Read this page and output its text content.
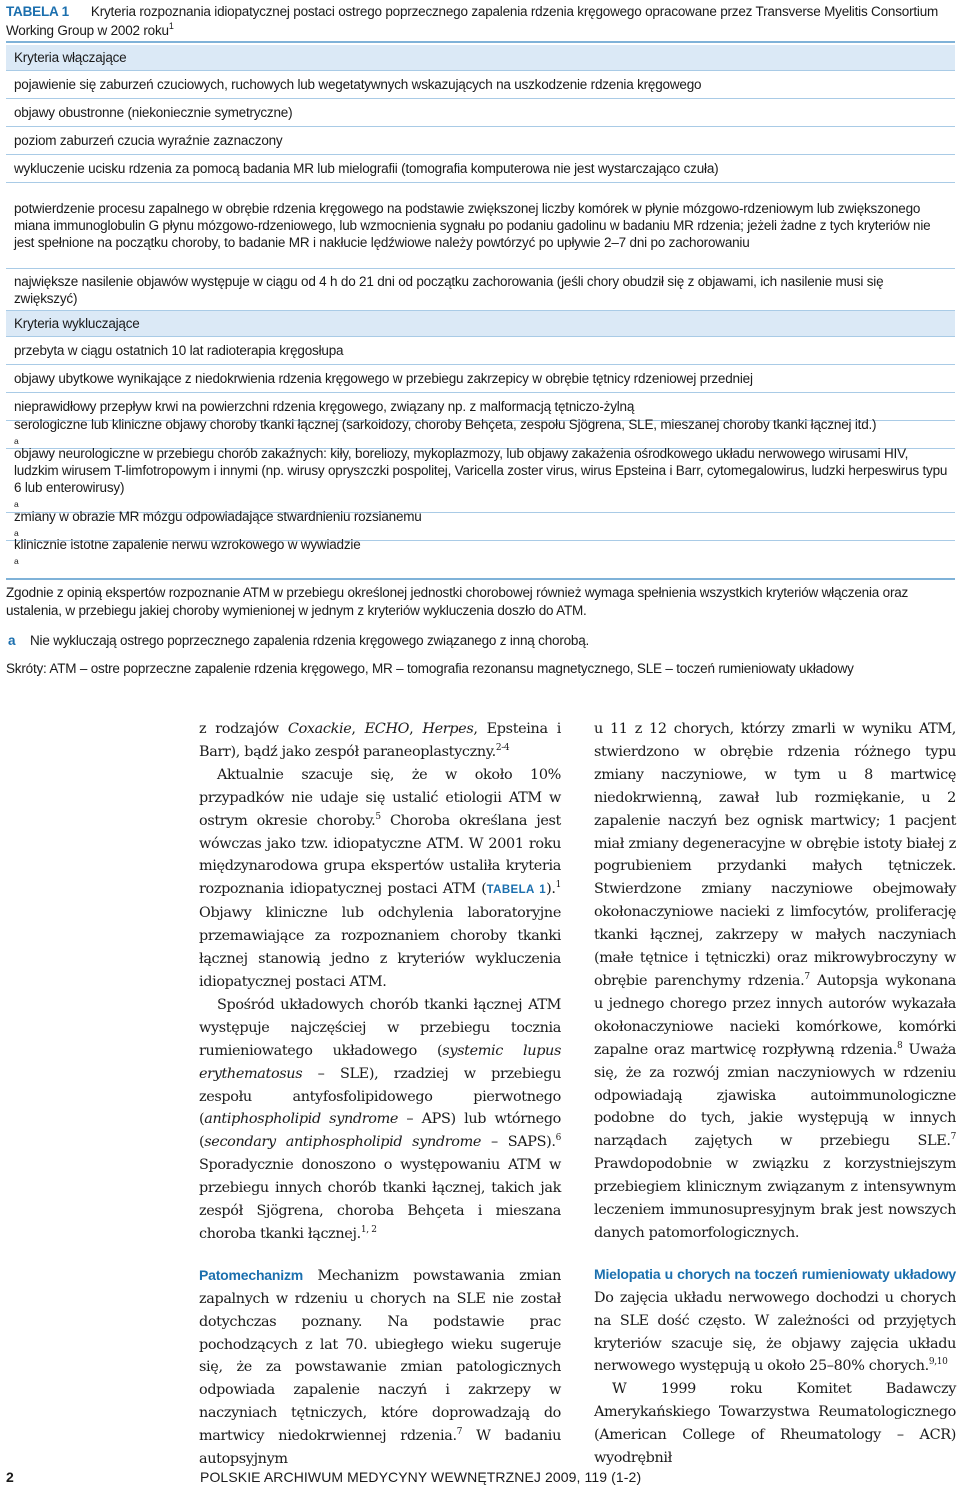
TABELA 1 Kryteria rozpoznania idiopatycznej postaci ostrego poprzecznego zapalenia rdzenia kręgowego opracowane przez Transverse Myelitis Consortium Working Group w 2002 roku$^1$
Kryteria włączające
pojawienie się zaburzeń czuciowych, ruchowych lub wegetatywnych wskazujących na uszkodzenie rdzenia kręgowego
objawy obustronne (niekoniecznie symetryczne)
poziom zaburzeń czucia wyraźnie zaznaczony
wykluczenie ucisku rdzenia za pomocą badania MR lub mielografii (tomografia komputerowa nie jest wystarczająco czuła)
potwierdzenie procesu zapalnego w obrębie rdzenia kręgowego na podstawie zwiększonej liczby komórek w płynie mózgowo-rdzeniowym lub zwiększonego miana immunoglobulin G płynu mózgowo-rdzeniowego, lub wzmocnienia sygnału po podaniu gadolinu w badaniu MR rdzenia; jeżeli żadne z tych kryteriów nie jest spełnione na początku choroby, to badanie MR i nakłucie lędźwiowe należy powtórzyć po upływie 2–7 dni po zachorowaniu
największe nasilenie objawów występuje w ciągu od 4 h do 21 dni od początku zachorowania (jeśli chory obudził się z objawami, ich nasilenie musi się zwiększyć)
Kryteria wykluczające
przebyta w ciągu ostatnich 10 lat radioterapia kręgosłupa
objawy ubytkowe wynikające z niedokrwienia rdzenia kręgowego w przebiegu zakrzepicy w obrębie tętnicy rdzeniowej przedniej
nieprawidłowy przepływ krwi na powierzchni rdzenia kręgowego, związany np. z malformacją tętniczo-żylną
serologiczne lub kliniczne objawy choroby tkanki łącznej (sarkoidozy, choroby Behçeta, zespołu Sjögrena, SLE, mieszanej choroby tkanki łącznej itd.)
$^a$
objawy neurologiczne w przebiegu chorób zakaźnych: kiły, boreliozy, mykoplazmozy, lub objawy zakażenia ośrodkowego układu nerwowego wirusami HIV, ludzkim wirusem T-limfotropowym i innymi (np. wirusy opryszczki pospolitej, Varicella zoster virus, wirus Epsteina i Barr, cytomegalowirus, ludzki herpeswirus typu 6 lub enterowirusy)
$^a$
zmiany w obrazie MR mózgu odpowiadające stwardnieniu rozsianemu
$^a$
klinicznie istotne zapalenie nerwu wzrokowego w wywiadzie
$^a$

Zgodnie z opinią ekspertów rozpoznanie ATM w przebiegu określonej jednostki chorobowej również wymaga spełnienia wszystkich kryteriów włączenia oraz ustalenia, w przebiegu jakiej choroby wymienionej w jednym z kryteriów wykluczenia doszło do ATM.

a Nie wykluczają ostrego poprzecznego zapalenia rdzenia kręgowego związanego z inną chorobą.

Skróty: ATM – ostre poprzeczne zapalenie rdzenia kręgowego, MR – tomografia rezonansu magnetycznego, SLE – toczeń rumieniowaty układowy

z rodzajów Coxackie, ECHO, Herpes, Epsteina i Barr), bądź jako zespół paraneoplastyczny.$^{2-4}$

Aktualnie szacuje się, że w około 10% przypadków nie udaje się ustalić etiologii ATM w ostrym okresie choroby.$^5$ Choroba określana jest wówczas jako tzw. idiopatyczne ATM. W 2001 roku międzynarodowa grupa ekspertów ustaliła kryteria rozpoznania idiopatycznej postaci ATM (TABELA 1).$^1$ Objawy kliniczne lub odchylenia laboratoryjne przemawiające za rozpoznaniem choroby tkanki łącznej stanowią jedno z kryteriów wykluczenia idiopatycznej postaci ATM.

Spośród układowych chorób tkanki łącznej ATM występuje najczęściej w przebiegu tocznia rumieniowatego układowego (systemic lupus erythematosus – SLE), rzadziej w przebiegu zespołu antyfosfolipidowego pierwotnego (antiphospholipid syndrome – APS) lub wtórnego (secondary antiphospholipid syndrome – SAPS).$^6$ Sporadycznie donoszono o występowaniu ATM w przebiegu innych chorób tkanki łącznej, takich jak zespół Sjögrena, choroba Behçeta i mieszana choroba tkanki łącznej.$^{1, 2}$

Patomechanizm Mechanizm powstawania zmian zapalnych w rdzeniu u chorych na SLE nie został dotychczas poznany. Na podstawie prac pochodzących z lat 70. ubiegłego wieku sugeruje się, że za powstawanie zmian patologicznych odpowiada zapalenie naczyń i zakrzepy w naczyniach tętniczych, które doprowadzają do martwicy niedokrwiennej rdzenia.$^7$ W badaniu autopsyjnym

u 11 z 12 chorych, którzy zmarli w wyniku ATM, stwierdzono w obrębie rdzenia różnego typu zmiany naczyniowe, w tym u 8 martwicę niedokrwienną, zawał lub rozmiękanie, u 2 zapalenie naczyń bez ognisk martwicy; 1 pacjent miał zmiany degeneracyjne w obrębie istoty białej z pogrubieniem przydanki małych tętniczek. Stwierdzone zmiany naczyniowe obejmowały okołonaczyniowe nacieki z limfocytów, proliferację tkanki łącznej, zakrzepy w małych naczyniach (małe tętnice i tętniczki) oraz mikrowybroczyny w obrębie parenchymy rdzenia.$^7$ Autopsja wykonana u jednego chorego przez innych autorów wykazała okołonaczyniowe nacieki komórkowe, komórki zapalne oraz martwicę rozpływną rdzenia.$^8$ Uważa się, że za rozwój zmian naczyniowych w rdzeniu odpowiadają zjawiska autoimmunologiczne podobne do tych, jakie występują w innych narządach zajętych w przebiegu SLE.$^7$ Prawdopodobnie w związku z korzystniejszym przebiegiem klinicznym związanym z intensywnym leczeniem immunosupresyjnym brak jest nowszych danych patomorfologicznych.

Mielopatia u chorych na toczeń rumieniowaty układowy Do zajęcia układu nerwowego dochodzi u chorych na SLE dość często. W zależności od przyjętych kryteriów szacuje się, że objawy zajęcia układu nerwowego występują u około 25–80% chorych.$^{9,10}$

W 1999 roku Komitet Badawczy Amerykańskiego Towarzystwa Reumatologicznego (American College of Rheumatology – ACR) wyodrębnił

2	POLSKIE ARCHIWUM MEDYCYNY WEWNĘTRZNEJ 2009, 119 (1-2)
